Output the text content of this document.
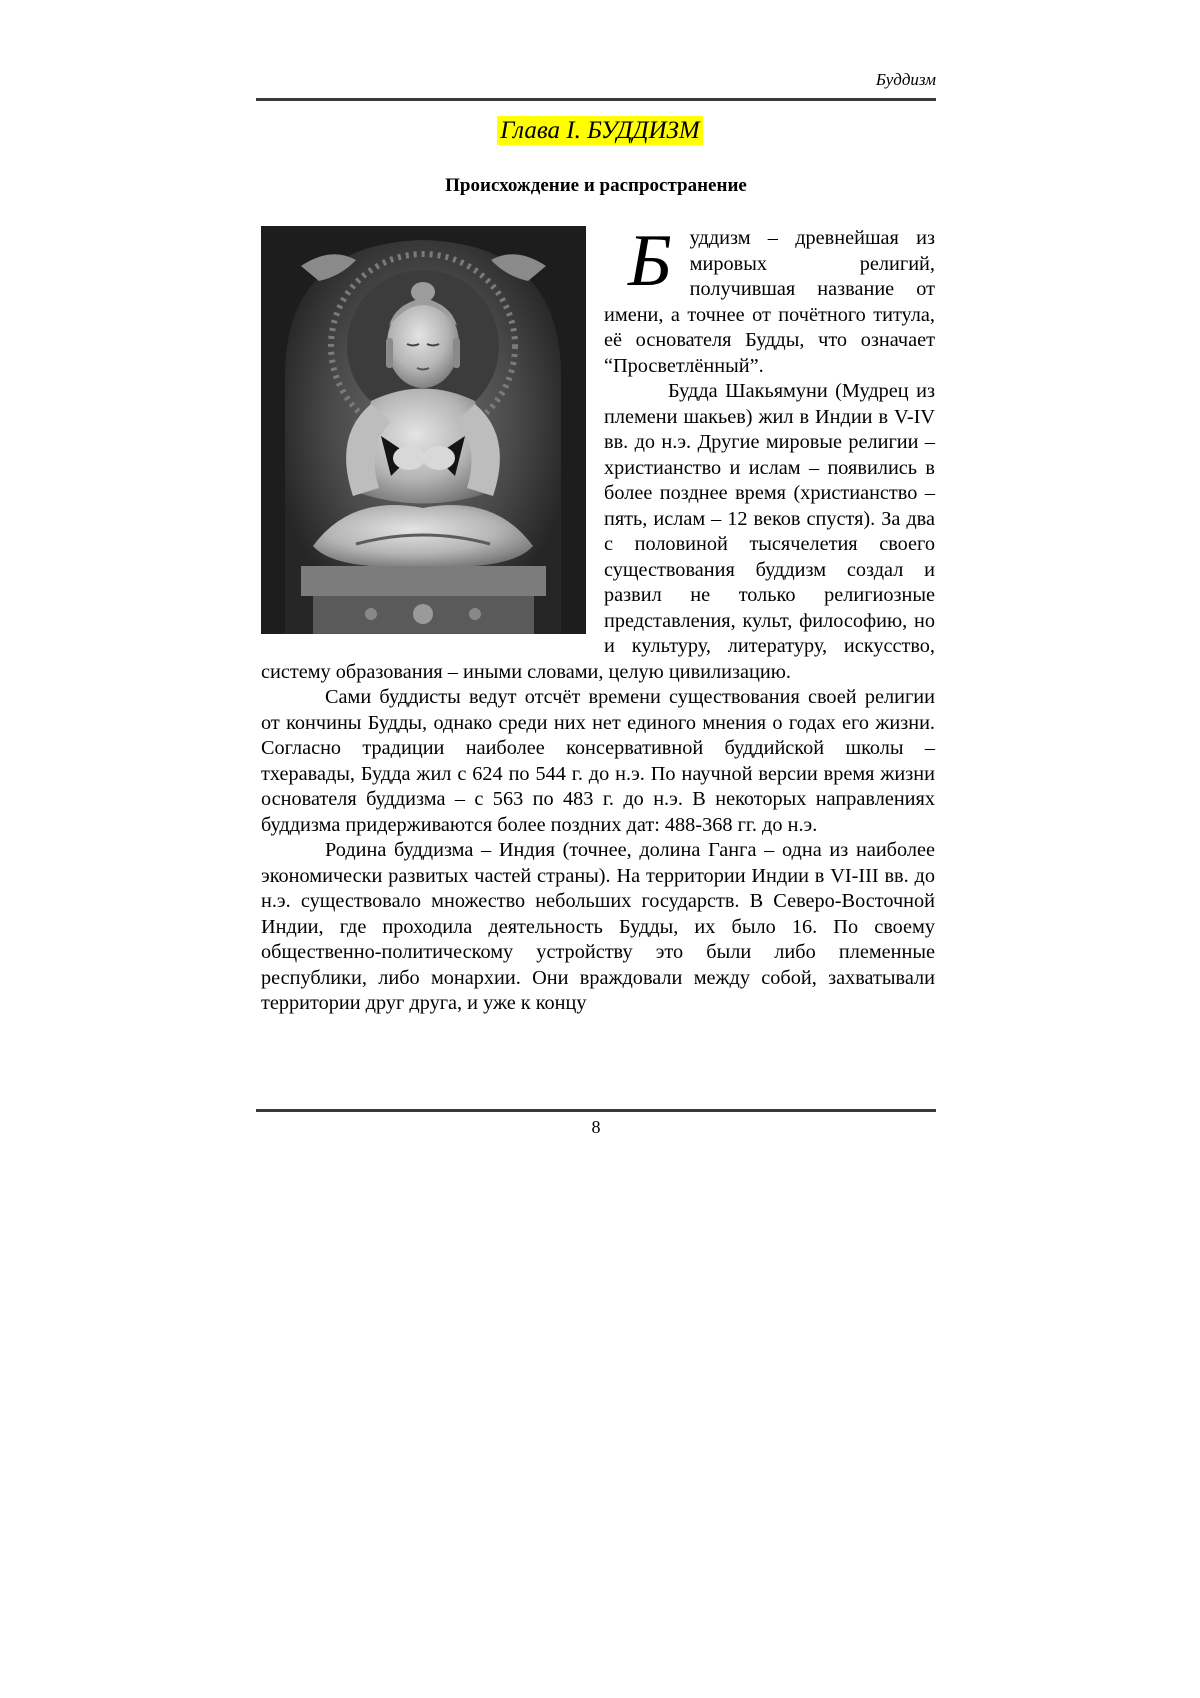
Буддизм
Глава I. БУДДИЗМ
Происхождение и распространение

Буддизм – древнейшая из мировых религий, получившая название от имени, а точнее от почётного титула, её основателя Будды, что означает “Просветлённый”.

Будда Шакьямуни (Мудрец из племени шакьев) жил в Индии в V-IV вв. до н.э. Другие мировые религии – христианство и ислам – появились в более позднее время (христианство – пять, ислам – 12 веков спустя). За два с половиной тысячелетия своего существования буддизм создал и развил не только религиозные представления, культ, философию, но и культуру, литературу, искусство, систему образования – иными словами, целую цивилизацию.

Сами буддисты ведут отсчёт времени существования своей религии от кончины Будды, однако среди них нет единого мнения о годах его жизни. Согласно традиции наиболее консервативной буддийской школы – тхеравады, Будда жил с 624 по 544 г. до н.э. По научной версии время жизни основателя буддизма – с 563 по 483 г. до н.э. В некоторых направлениях буддизма придерживаются более поздних дат: 488-368 гг. до н.э.

Родина буддизма – Индия (точнее, долина Ганга – одна из наиболее экономически развитых частей страны). На территории Индии в VI-III вв. до н.э. существовало множество небольших государств. В Северо-Восточной Индии, где проходила деятельность Будды, их было 16. По своему общественно-политическому устройству это были либо племенные республики, либо монархии. Они враждовали между собой, захватывали территории друг друга, и уже к концу

8
